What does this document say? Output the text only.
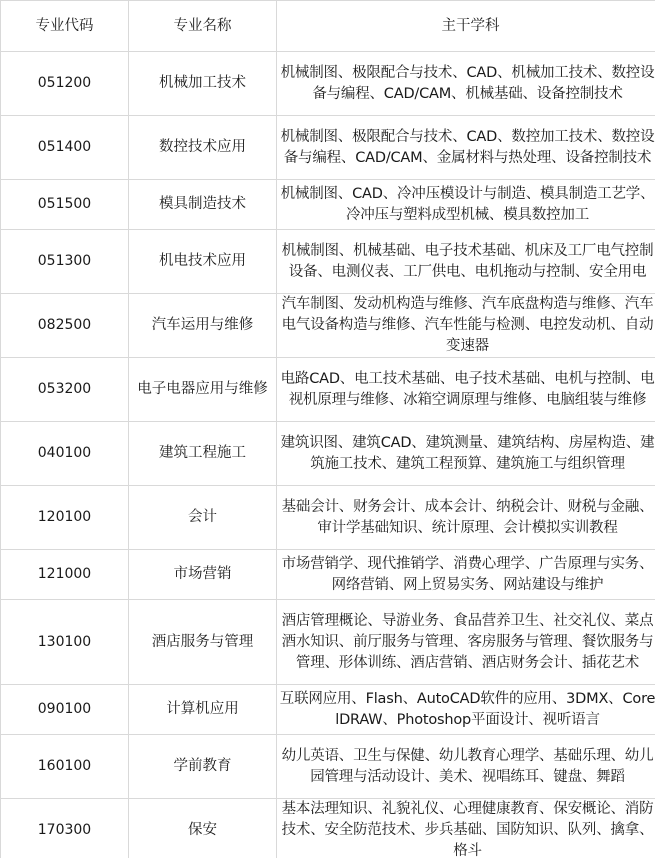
专业代码	专业名称	主干学科
051200	机械加工技术	机械制图、极限配合与技术、CAD、机械加工技术、数控设备与编程、CAD/CAM、机械基础、设备控制技术

051400	数控技术应用	机械制图、极限配合与技术、CAD、数控加工技术、数控设备与编程、CAD/CAM、金属材料与热处理、设备控制技术

051500	模具制造技术	机械制图、CAD、冷冲压模设计与制造、模具制造工艺学、冷冲压与塑料成型机械、模具数控加工

051300	机电技术应用	机械制图、机械基础、电子技术基础、机床及工厂电气控制设备、电测仪表、工厂供电、电机拖动与控制、安全用电

082500	汽车运用与维修	汽车制图、发动机构造与维修、汽车底盘构造与维修、汽车电气设备构造与维修、汽车性能与检测、电控发动机、自动变速器

053200	电子电器应用与维修	电路CAD、电工技术基础、电子技术基础、电机与控制、电视机原理与维修、冰箱空调原理与维修、电脑组装与维修

040100	建筑工程施工	建筑识图、建筑CAD、建筑测量、建筑结构、房屋构造、建筑施工技术、建筑工程预算、建筑施工与组织管理

120100	会计	基础会计、财务会计、成本会计、纳税会计、财税与金融、审计学基础知识、统计原理、会计模拟实训教程

121000	市场营销	市场营销学、现代推销学、消费心理学、广告原理与实务、网络营销、网上贸易实务、网站建设与维护

130100	酒店服务与管理	酒店管理概论、导游业务、食品营养卫生、社交礼仪、菜点酒水知识、前厅服务与管理、客房服务与管理、餐饮服务与管理、形体训练、酒店营销、酒店财务会计、插花艺术

090100	计算机应用	互联网应用、Flash、AutoCAD软件的应用、3DMX、CorelDRAW、Photoshop平面设计、视听语言

160100	学前教育	幼儿英语、卫生与保健、幼儿教育心理学、基础乐理、幼儿园管理与活动设计、美术、视唱练耳、键盘、舞蹈

170300	保安	基本法理知识、礼貌礼仪、心理健康教育、保安概论、消防技术、安全防范技术、步兵基础、国防知识、队列、擒拿、格斗
